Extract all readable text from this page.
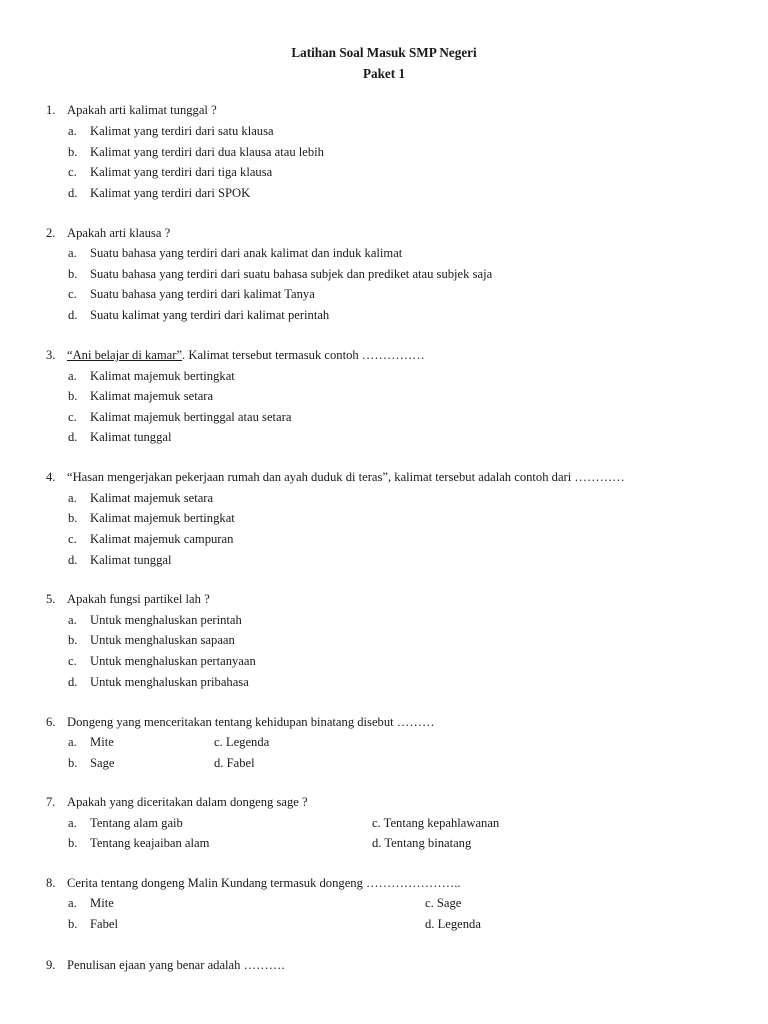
Latihan Soal Masuk SMP Negeri
Paket 1
1. Apakah arti kalimat tunggal ?
a. Kalimat yang terdiri dari satu klausa
b. Kalimat yang terdiri dari dua klausa atau lebih
c. Kalimat yang terdiri dari tiga klausa
d. Kalimat yang terdiri dari SPOK
2. Apakah arti klausa ?
a. Suatu bahasa yang terdiri dari anak kalimat dan induk kalimat
b. Suatu bahasa yang terdiri dari suatu bahasa subjek dan prediket atau subjek saja
c. Suatu bahasa yang terdiri dari kalimat Tanya
d. Suatu kalimat yang terdiri dari kalimat perintah
3. “Ani belajar di kamar”. Kalimat tersebut termasuk contoh ……………
a. Kalimat majemuk bertingkat
b. Kalimat majemuk setara
c. Kalimat majemuk bertinggal atau setara
d. Kalimat tunggal
4. “Hasan mengerjakan pekerjaan rumah dan ayah duduk di teras”, kalimat tersebut adalah contoh dari …………
a. Kalimat majemuk setara
b. Kalimat majemuk bertingkat
c. Kalimat majemuk campuran
d. Kalimat tunggal
5. Apakah fungsi partikel lah ?
a. Untuk menghaluskan perintah
b. Untuk menghaluskan sapaan
c. Untuk menghaluskan pertanyaan
d. Untuk menghaluskan pribahasa
6. Dongeng yang menceritakan tentang kehidupan binatang disebut ………
a. Mite	c. Legenda
b. Sage	d. Fabel
7. Apakah yang diceritakan dalam dongeng sage ?
a. Tentang alam gaib	c. Tentang kepahlawanan
b. Tentang keajaiban alam	d. Tentang binatang
8. Cerita tentang dongeng Malin Kundang termasuk dongeng …………………..
a. Mite	c. Sage
b. Fabel	d. Legenda
9. Penulisan ejaan yang benar adalah ……….
